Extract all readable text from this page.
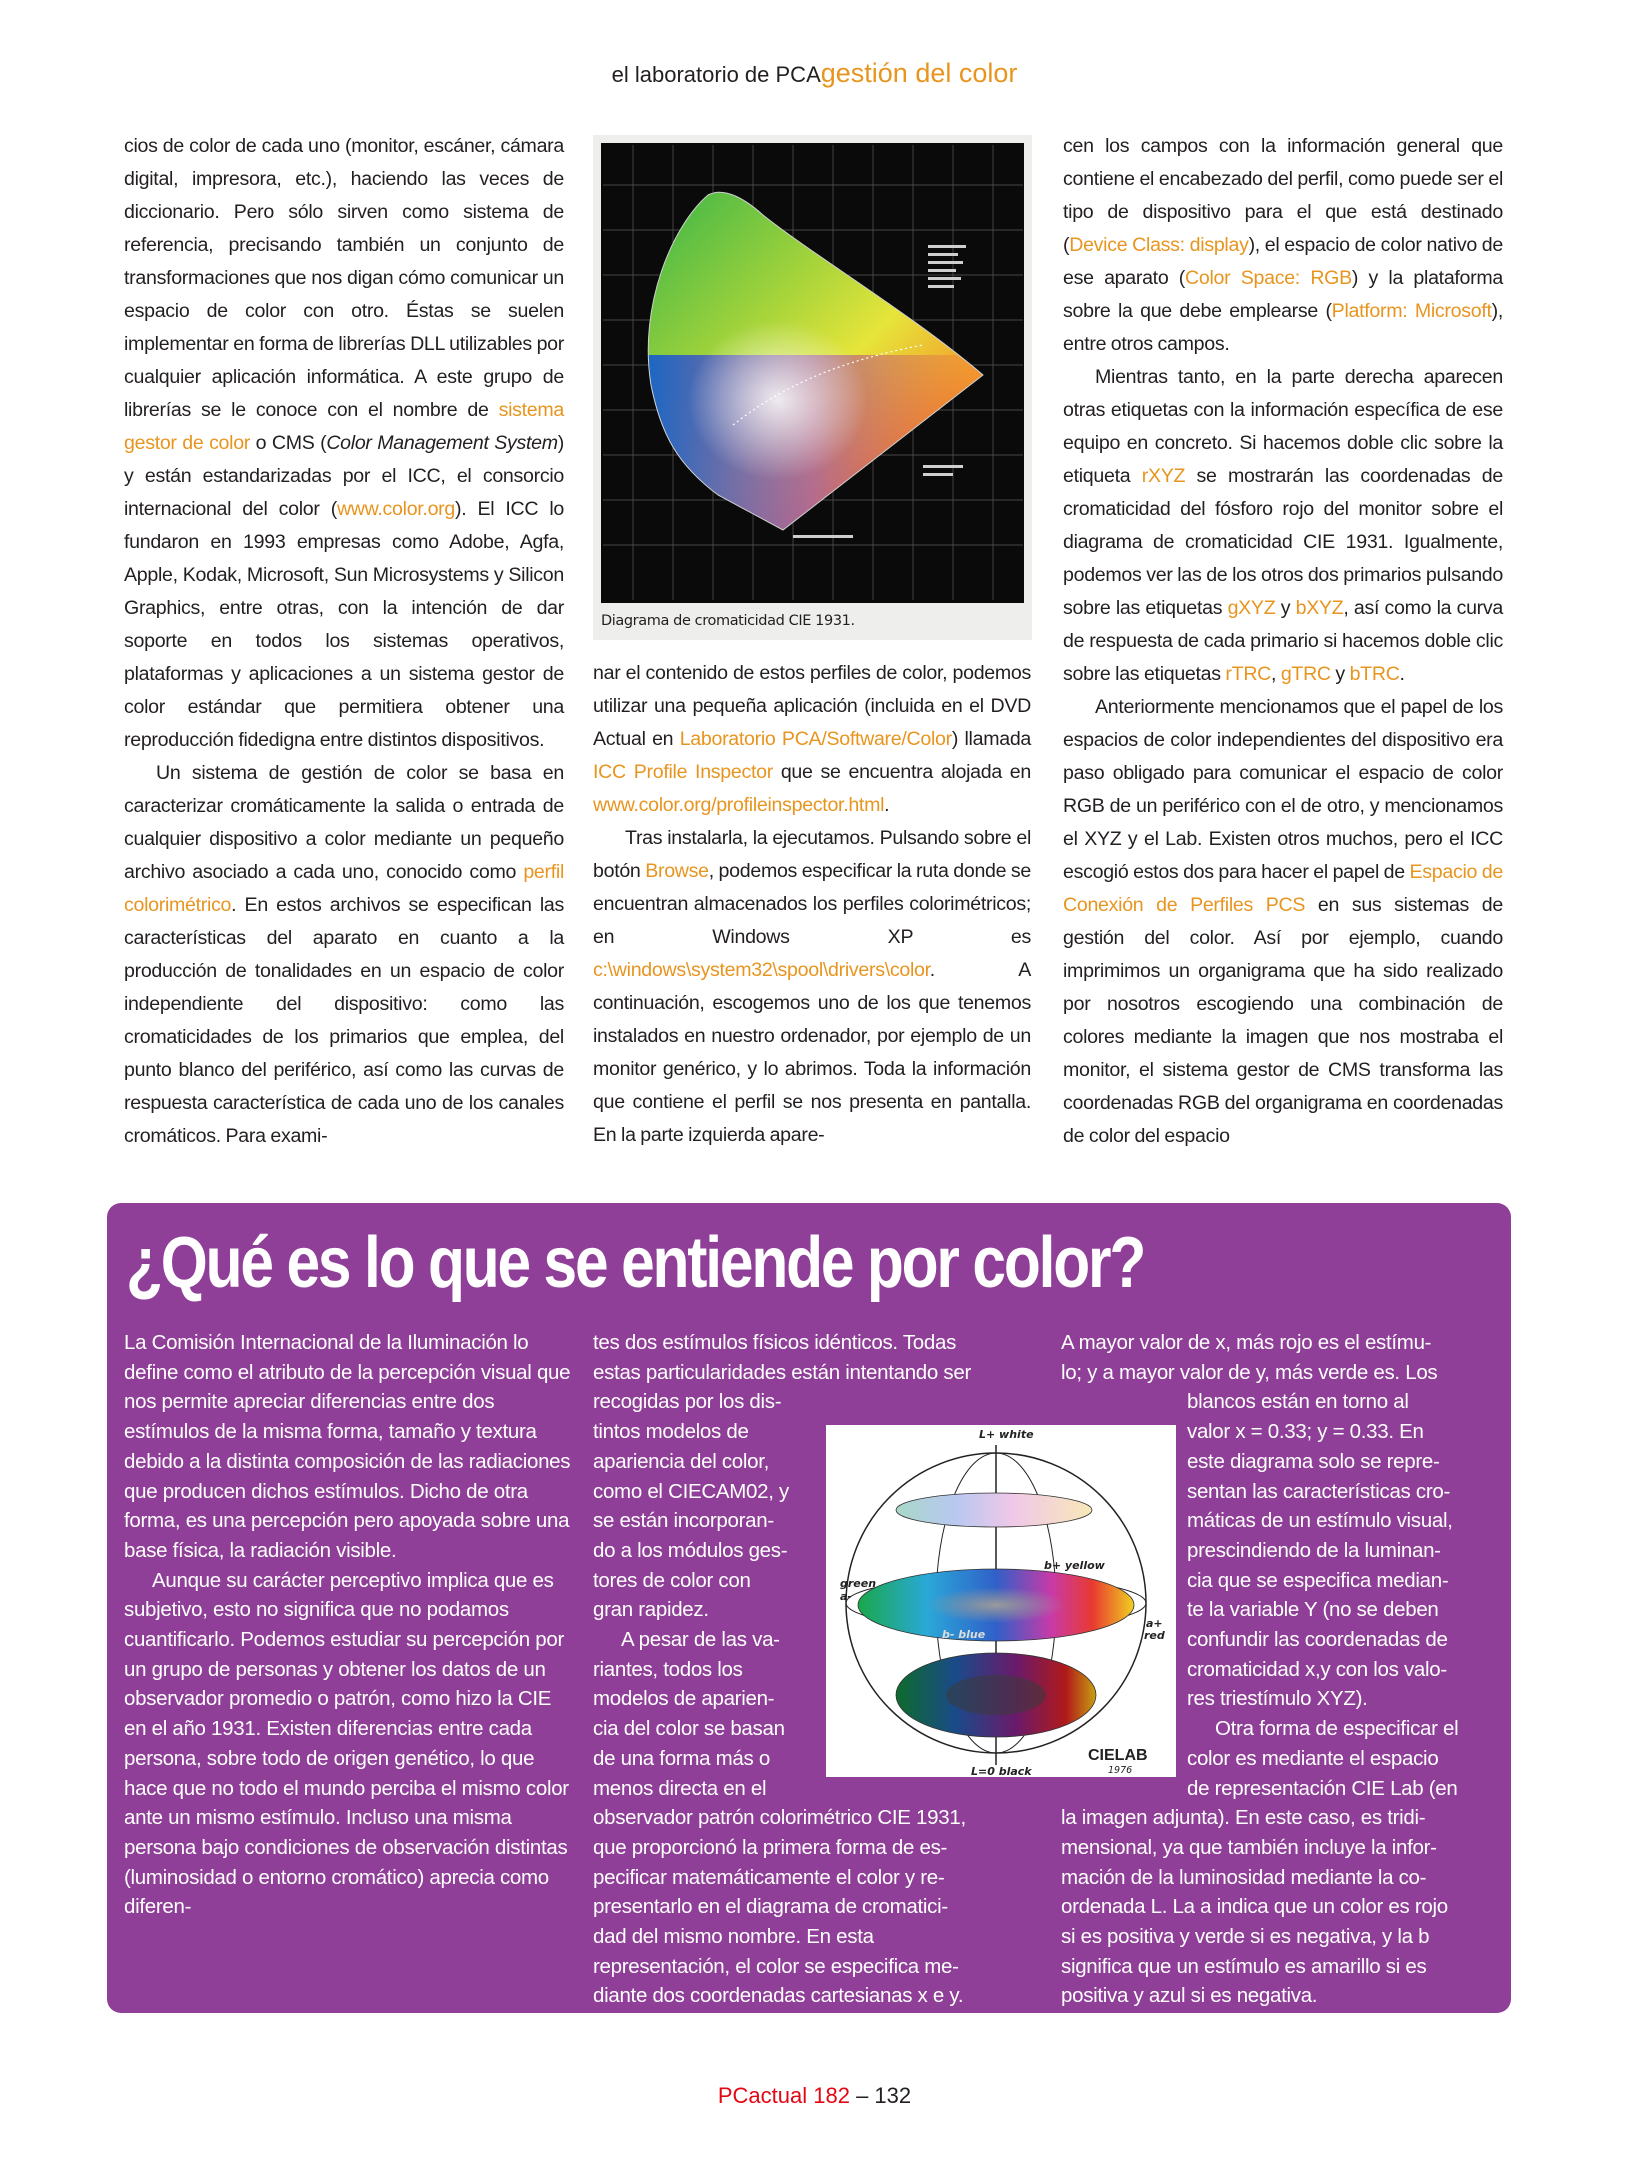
el laboratorio de PCAgestión del color

cios de color de cada uno (monitor, escáner, cámara digital, impresora, etc.), haciendo las veces de diccionario. Pero sólo sirven como sistema de referencia, precisando también un conjunto de transformaciones que nos digan cómo comunicar un espacio de color con otro. Éstas se suelen implementar en forma de librerías DLL utilizables por cualquier aplicación informática. A este grupo de librerías se le conoce con el nombre de sistema gestor de color o CMS (Color Management System) y están estandarizadas por el ICC, el consorcio internacional del color (www.color.org). El ICC lo fundaron en 1993 empresas como Adobe, Agfa, Apple, Kodak, Microsoft, Sun Microsystems y Silicon Graphics, entre otras, con la intención de dar soporte en todos los sistemas operativos, plataformas y aplicaciones a un sistema gestor de color estándar que permitiera obtener una reproducción fidedigna entre distintos dispositivos.

Un sistema de gestión de color se basa en caracterizar cromáticamente la salida o entrada de cualquier dispositivo a color mediante un pequeño archivo asociado a cada uno, conocido como perfil colorimétrico. En estos archivos se especifican las características del aparato en cuanto a la producción de tonalidades en un espacio de color independiente del dispositivo: como las cromaticidades de los primarios que emplea, del punto blanco del periférico, así como las curvas de respuesta característica de cada uno de los canales cromáticos. Para exami-

Diagrama de cromaticidad CIE 1931.

nar el contenido de estos perfiles de color, podemos utilizar una pequeña aplicación (incluida en el DVD Actual en Laboratorio PCA/Software/Color) llamada ICC Profile Inspector que se encuentra alojada en www.color.org/profileinspector.html.

Tras instalarla, la ejecutamos. Pulsando sobre el botón Browse, podemos especificar la ruta donde se encuentran almacenados los perfiles colorimétricos; en Windows XP es c:\windows\system32\spool\drivers\color. A continuación, escogemos uno de los que tenemos instalados en nuestro ordenador, por ejemplo de un monitor genérico, y lo abrimos. Toda la información que contiene el perfil se nos presenta en pantalla. En la parte izquierda apare-

cen los campos con la información general que contiene el encabezado del perfil, como puede ser el tipo de dispositivo para el que está destinado (Device Class: display), el espacio de color nativo de ese aparato (Color Space: RGB) y la plataforma sobre la que debe emplearse (Platform: Microsoft), entre otros campos.

Mientras tanto, en la parte derecha aparecen otras etiquetas con la información específica de ese equipo en concreto. Si hacemos doble clic sobre la etiqueta rXYZ se mostrarán las coordenadas de cromaticidad del fósforo rojo del monitor sobre el diagrama de cromaticidad CIE 1931. Igualmente, podemos ver las de los otros dos primarios pulsando sobre las etiquetas gXYZ y bXYZ, así como la curva de respuesta de cada primario si hacemos doble clic sobre las etiquetas rTRC, gTRC y bTRC.

Anteriormente mencionamos que el papel de los espacios de color independientes del dispositivo era paso obligado para comunicar el espacio de color RGB de un periférico con el de otro, y mencionamos el XYZ y el Lab. Existen otros muchos, pero el ICC escogió estos dos para hacer el papel de Espacio de Conexión de Perfiles PCS en sus sistemas de gestión del color. Así por ejemplo, cuando imprimimos un organigrama que ha sido realizado por nosotros escogiendo una combinación de colores mediante la imagen que nos mostraba el monitor, el sistema gestor de CMS transforma las coordenadas RGB del organigrama en coordenadas de color del espacio

¿Qué es lo que se entiende por color?

La Comisión Internacional de la Iluminación lo define como el atributo de la percepción visual que nos permite apreciar diferencias entre dos estímulos de la misma forma, tamaño y textura debido a la distinta composición de las radiaciones que producen dichos estímulos. Dicho de otra forma, es una percepción pero apoyada sobre una base física, la radiación visible.

Aunque su carácter perceptivo implica que es subjetivo, esto no significa que no podamos cuantificarlo. Podemos estudiar su percepción por un grupo de personas y obtener los datos de un observador promedio o patrón, como hizo la CIE en el año 1931. Existen diferencias entre cada persona, sobre todo de origen genético, lo que hace que no todo el mundo perciba el mismo color ante un mismo estímulo. Incluso una misma persona bajo condiciones de observación distintas (luminosidad o entorno cromático) aprecia como diferen-

tes dos estímulos físicos idénticos. Todas
estas particularidades están intentando ser
recogidas por los dis-
tintos modelos de
apariencia del color,
como el CIECAM02, y
se están incorporan-
do a los módulos ges-
tores de color con
gran rapidez.
A pesar de las va-
riantes, todos los
modelos de aparien-
cia del color se basan
de una forma más o
menos directa en el
observador patrón colorimétrico CIE 1931,
que proporcionó la primera forma de es-
pecificar matemáticamente el color y re-
presentarlo en el diagrama de cromatici-
dad del mismo nombre. En esta
representación, el color se especifica me-
diante dos coordenadas cartesianas x e y.
A mayor valor de x, más rojo es el estímu-
lo; y a mayor valor de y, más verde es. Los
blancos están en torno al
valor x = 0.33; y = 0.33. En
este diagrama solo se repre-
sentan las características cro-
máticas de un estímulo visual,
prescindiendo de la luminan-
cia que se especifica median-
te la variable Y (no se deben
confundir las coordenadas de
cromaticidad x,y con los valo-
res triestímulo XYZ).
Otra forma de especificar el
color es mediante el espacio
de representación CIE Lab (en
la imagen adjunta). En este caso, es tridi-
mensional, ya que también incluye la infor-
mación de la luminosidad mediante la co-
ordenada L. La a indica que un color es rojo
si es positiva y verde si es negativa, y la b
significa que un estímulo es amarillo si es
positiva y azul si es negativa.
L+ white
b+ yellow
green
a-
b- blue
a+
red
L=0 black
CIELAB
1976
PCactual 182 – 132
